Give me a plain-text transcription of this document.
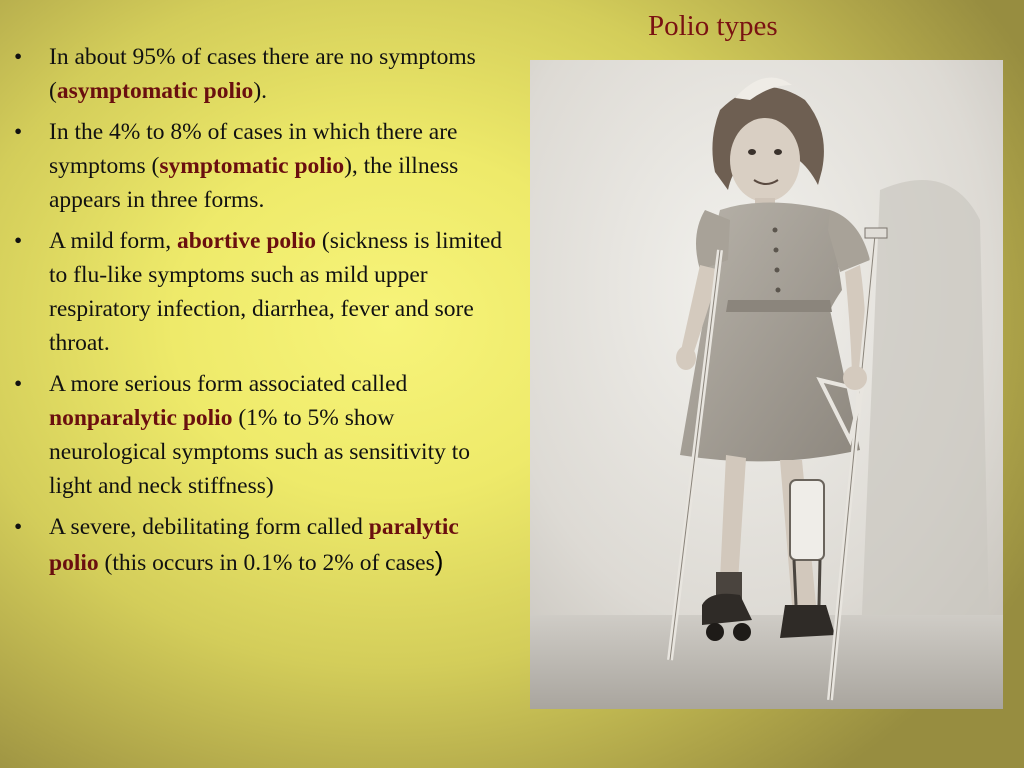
Polio types
• In about 95% of cases there are no symptoms (asymptomatic polio).
• In the 4% to 8% of cases in which there are symptoms (symptomatic polio), the illness appears in three forms.
• A mild form, abortive polio (sickness is limited to flu-like symptoms such as mild upper respiratory infection, diarrhea, fever and sore throat.
• A more serious form associated called nonparalytic polio (1% to 5% show neurological symptoms such as sensitivity to light and neck stiffness)
• A severe, debilitating form called paralytic polio (this occurs in 0.1% to 2% of cases)
